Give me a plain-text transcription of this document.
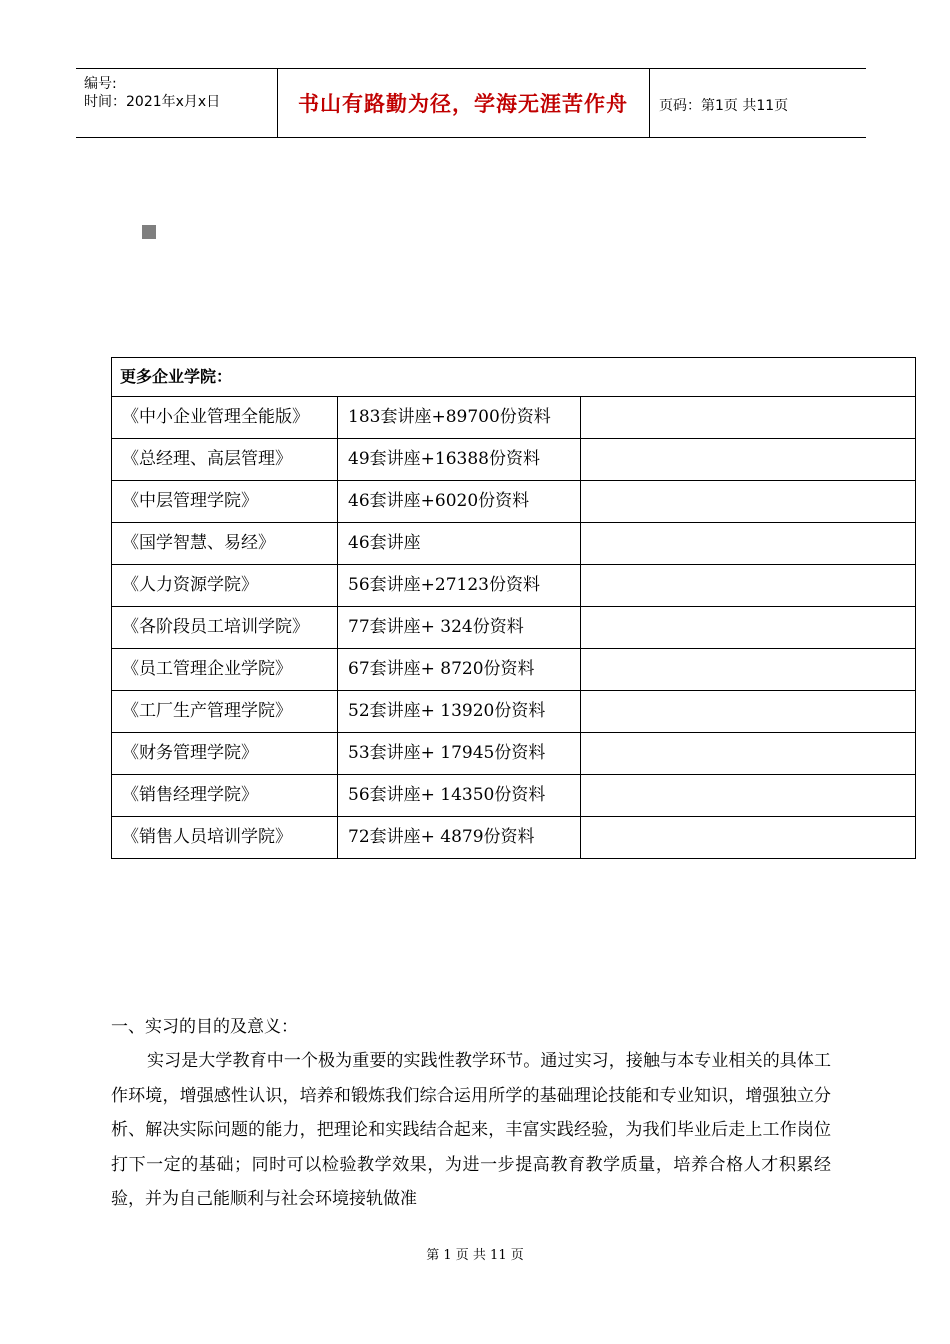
编号:
时间：2021年x月x日	书山有路勤为径，学海无涯苦作舟	页码：第1页 共11页
更多企业学院：		
《中小企业管理全能版》	183套讲座+89700份资料	
《总经理、高层管理》	49套讲座+16388份资料	
《中层管理学院》	46套讲座+6020份资料	
《国学智慧、易经》	46套讲座	
《人力资源学院》	56套讲座+27123份资料	
《各阶段员工培训学院》	77套讲座+ 324份资料	
《员工管理企业学院》	67套讲座+ 8720份资料	
《工厂生产管理学院》	52套讲座+ 13920份资料	
《财务管理学院》	53套讲座+ 17945份资料	
《销售经理学院》	56套讲座+ 14350份资料	
《销售人员培训学院》	72套讲座+ 4879份资料	

一、实习的目的及意义：

实习是大学教育中一个极为重要的实践性教学环节。通过实习，接触与本专业相关的具体工作环境，增强感性认识，培养和锻炼我们综合运用所学的基础理论技能和专业知识，增强独立分析、解决实际问题的能力，把理论和实践结合起来，丰富实践经验，为我们毕业后走上工作岗位打下一定的基础；同时可以检验教学效果，为进一步提高教育教学质量，培养合格人才积累经验，并为自己能顺利与社会环境接轨做准

第 1 页 共 11 页
